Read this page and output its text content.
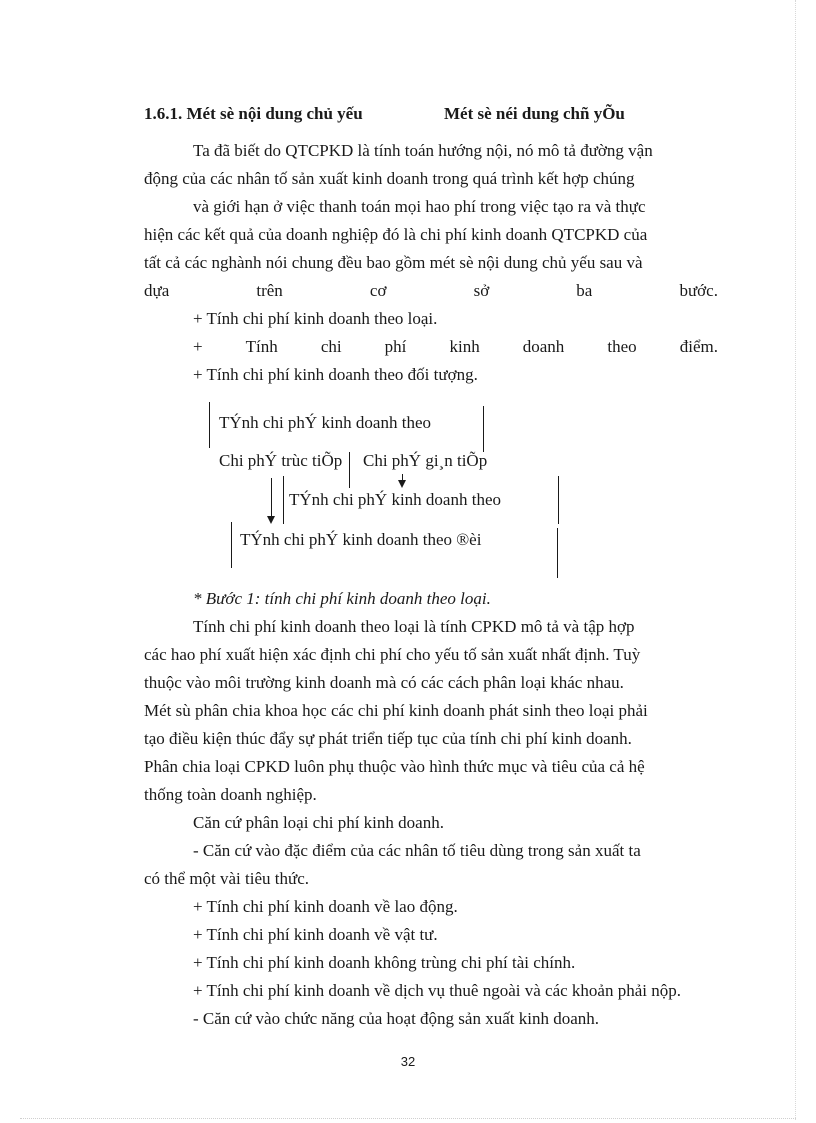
1.6.1. Mét sè nội dung chủ yếu	Mét sè néi dung chñ yÕu
Ta đã biết do QTCPKD là tính toán hướng nội, nó mô tả đường vận
động của các nhân tố sản xuất kinh doanh trong quá trình kết hợp chúng
và giới hạn ở việc thanh toán mọi hao phí trong việc tạo ra và thực
hiện các kết quả của doanh nghiệp đó là chi phí kinh doanh QTCPKD của
tất cả các nghành nói chung đều bao gồm mét sè nội dung chủ yếu sau và
dựa	trên	cơ	sở	ba	bước.
+ Tính chi phí kinh doanh theo loại.
+	Tính	chi	phí	kinh	doanh	theo	điểm.
+ Tính chi phí kinh doanh theo đối tượng.
TÝnh chi phÝ kinh doanh theo
Chi phÝ trùc tiÕp Chi phÝ gi¸n tiÕp
TÝnh chi phÝ kinh doanh theo
TÝnh chi phÝ kinh doanh theo ®èi
* Bước 1: tính chi phí kinh doanh theo loại.
Tính chi phí kinh doanh theo loại là tính CPKD mô tả và tập hợp
các hao phí xuất hiện xác định chi phí cho yếu tố sản xuất nhất định. Tuỳ
thuộc vào môi trường kinh doanh mà có các cách phân loại khác nhau.
Mét sù phân chia khoa học các chi phí kinh doanh phát sinh theo loại phải
tạo điều kiện thúc đẩy sự phát triển tiếp tục của tính chi phí kinh doanh.
Phân chia loại CPKD luôn phụ thuộc vào hình thức mục và tiêu của cả hệ
thống toàn doanh nghiệp.
Căn cứ phân loại chi phí kinh doanh.
- Căn cứ vào đặc điểm của các nhân tố tiêu dùng trong sản xuất ta
có thể một vài tiêu thức.
+ Tính chi phí kinh doanh về lao động.
+ Tính chi phí kinh doanh về vật tư.
+ Tính chi phí kinh doanh không trùng chi phí tài chính.
+ Tính chi phí kinh doanh về dịch vụ thuê ngoài và các khoản phải nộp.
- Căn cứ vào chức năng của hoạt động sản xuất kinh doanh.
32
